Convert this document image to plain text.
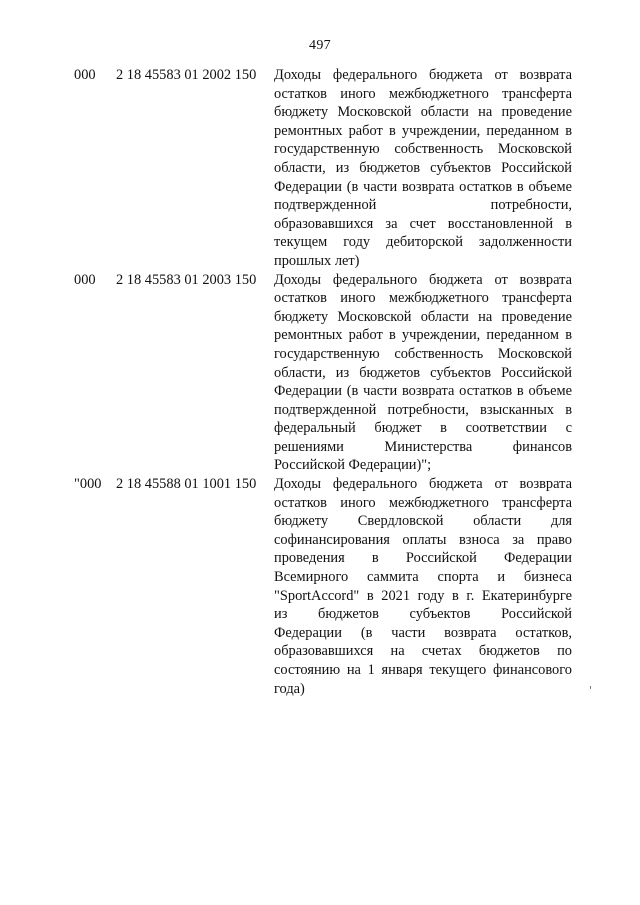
497
000 2 18 45583 01 2002 150 Доходы федерального бюджета от возврата
остатков иного межбюджетного трансферта
бюджету Московской области на проведение
ремонтных работ в учреждении, переданном в
государственную собственность Московской
области, из бюджетов субъектов Российской
Федерации (в части возврата остатков в объеме
подтвержденной потребности,
образовавшихся за счет восстановленной в
текущем году дебиторской задолженности
прошлых лет)
000 2 18 45583 01 2003 150 Доходы федерального бюджета от возврата
остатков иного межбюджетного трансферта
бюджету Московской области на проведение
ремонтных работ в учреждении, переданном в
государственную собственность Московской
области, из бюджетов субъектов Российской
Федерации (в части возврата остатков в объеме
подтвержденной потребности, взысканных в
федеральный бюджет в соответствии с
решениями Министерства финансов
Российской Федерации)";
"000 2 18 45588 01 1001 150 Доходы федерального бюджета от возврата
остатков иного межбюджетного трансферта
бюджету Свердловской области для
софинансирования оплаты взноса за право
проведения в Российской Федерации
Всемирного саммита спорта и бизнеса
"SportAccord" в 2021 году в г. Екатеринбурге
из бюджетов субъектов Российской
Федерации (в части возврата остатков,
образовавшихся на счетах бюджетов по
состоянию на 1 января текущего финансового
года)
